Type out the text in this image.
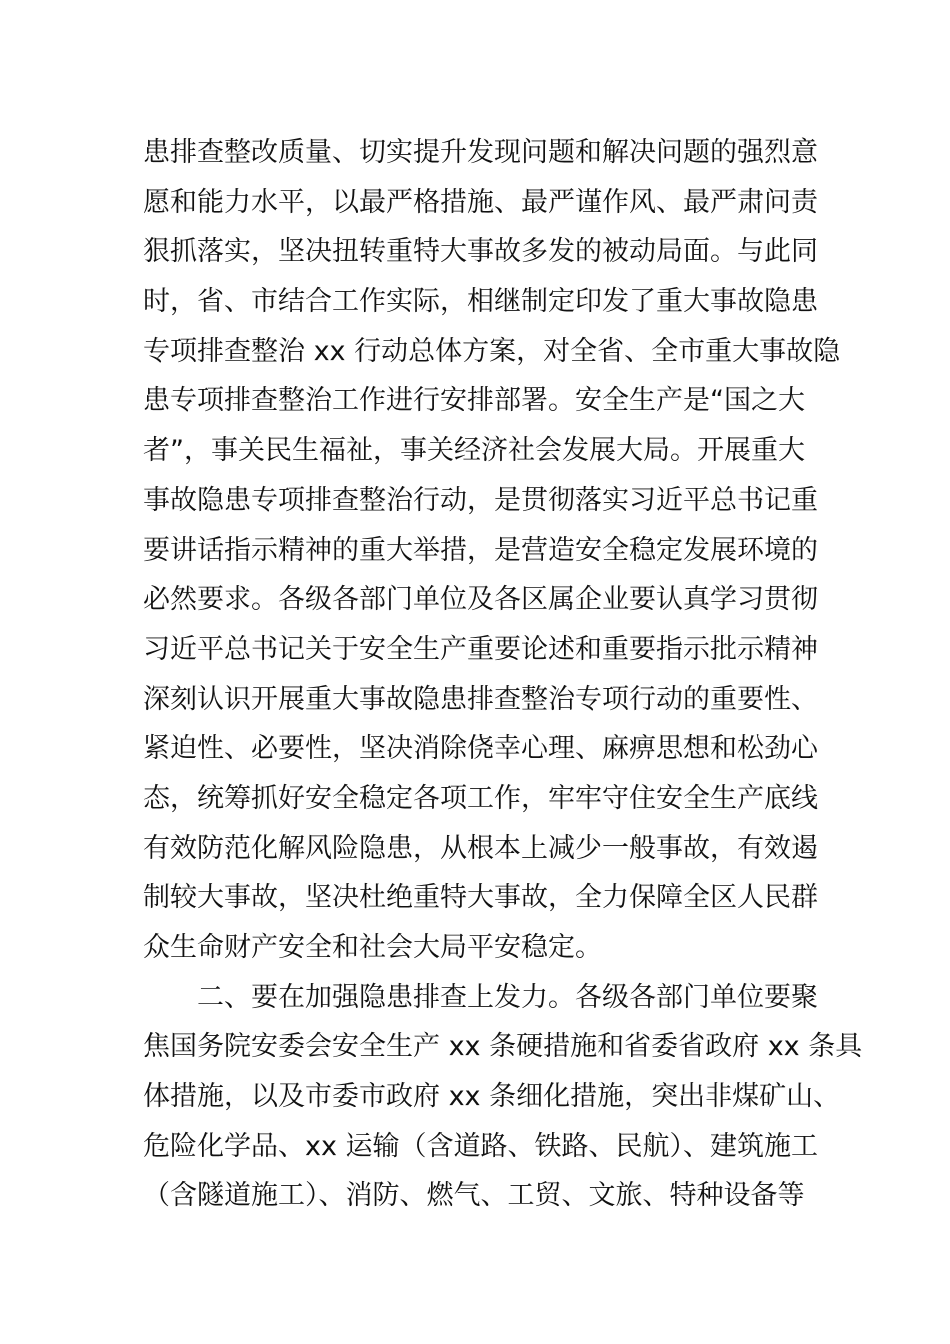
患排查整改质量、切实提升发现问题和解决问题的强烈意
愿和能力水平，以最严格措施、最严谨作风、最严肃问责
狠抓落实，坚决扭转重特大事故多发的被动局面。与此同
时，省、市结合工作实际，相继制定印发了重大事故隐患
专项排查整治 xx 行动总体方案，对全省、全市重大事故隐
患专项排查整治工作进行安排部署。安全生产是“国之大
者”，事关民生福祉，事关经济社会发展大局。开展重大
事故隐患专项排查整治行动，是贯彻落实习近平总书记重
要讲话指示精神的重大举措，是营造安全稳定发展环境的
必然要求。各级各部门单位及各区属企业要认真学习贯彻
习近平总书记关于安全生产重要论述和重要指示批示精神
深刻认识开展重大事故隐患排查整治专项行动的重要性、
紧迫性、必要性，坚决消除侥幸心理、麻痹思想和松劲心
态，统筹抓好安全稳定各项工作，牢牢守住安全生产底线
有效防范化解风险隐患，从根本上减少一般事故，有效遏
制较大事故，坚决杜绝重特大事故，全力保障全区人民群
众生命财产安全和社会大局平安稳定。
二、要在加强隐患排查上发力。各级各部门单位要聚
焦国务院安委会安全生产 xx 条硬措施和省委省政府 xx 条具
体措施，以及市委市政府 xx 条细化措施，突出非煤矿山、
危险化学品、xx 运输（含道路、铁路、民航）、建筑施工
（含隧道施工）、消防、燃气、工贸、文旅、特种设备等
